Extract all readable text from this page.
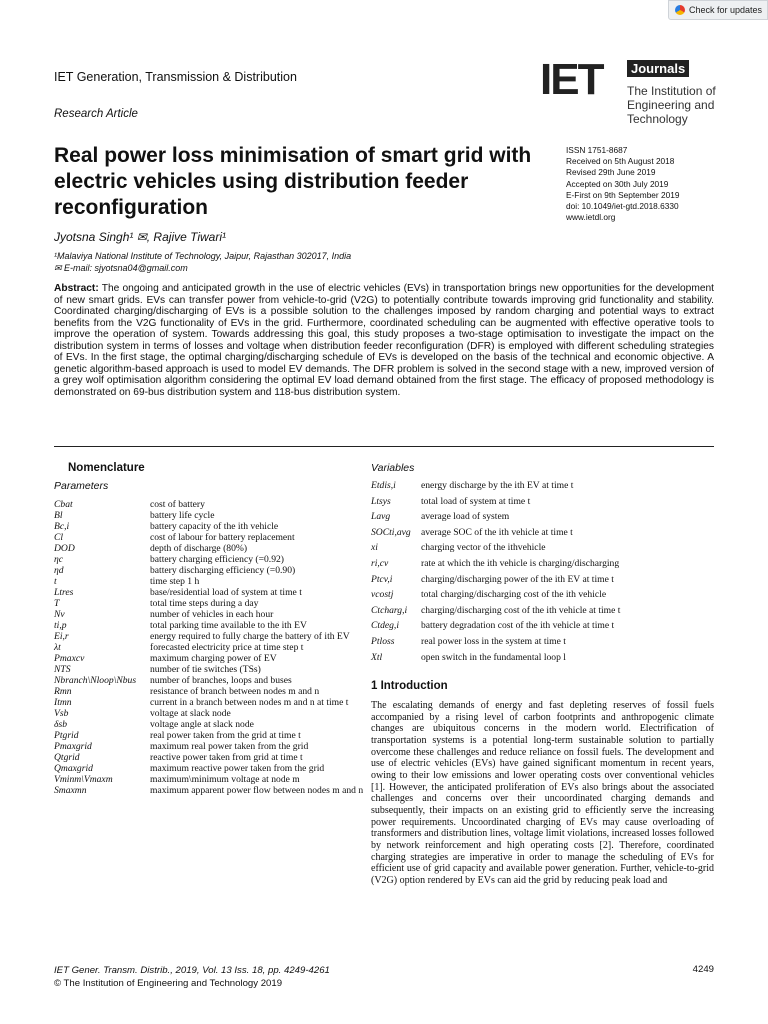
Check for updates
IET Generation, Transmission & Distribution
Research Article
IET	Journals
The Institution of
Engineering and Technology
Real power loss minimisation of smart grid with electric vehicles using distribution feeder reconfiguration
ISSN 1751-8687
Received on 5th August 2018
Revised 29th June 2019
Accepted on 30th July 2019
E-First on 9th September 2019
doi: 10.1049/iet-gtd.2018.6330
www.ietdl.org
Jyotsna Singh¹ ✉, Rajive Tiwari¹
¹Malaviya National Institute of Technology, Jaipur, Rajasthan 302017, India
✉ E-mail: sjyotsna04@gmail.com
Abstract: The ongoing and anticipated growth in the use of electric vehicles (EVs) in transportation brings new opportunities for the development of new smart grids. EVs can transfer power from vehicle-to-grid (V2G) to potentially contribute towards improving grid functionality and stability. Coordinated charging/discharging of EVs is a possible solution to the challenges imposed by random charging and potential ways to extract benefits from the V2G functionality of EVs in the grid. Furthermore, coordinated scheduling can be augmented with effective operative tools to improve the operation of system. Towards addressing this goal, this study proposes a two-stage optimisation to investigate the impact on the distribution system in terms of losses and voltage when distribution feeder reconfiguration (DFR) is employed with different scheduling strategies of EVs. In the first stage, the optimal charging/discharging schedule of EVs is developed on the basis of the technical and economic objective. A genetic algorithm-based approach is used to model EV demands. The DFR problem is solved in the second stage with a new, improved version of a grey wolf optimisation algorithm considering the optimal EV load demand obtained from the first stage. The efficacy of proposed methodology is demonstrated on 69-bus distribution system and 118-bus distribution system.
Nomenclature
Parameters
Cbat	cost of battery
Bl	battery life cycle
Bc,i	battery capacity of the ith vehicle
Cl	cost of labour for battery replacement
DOD	depth of discharge (80%)
ηc	battery charging efficiency (=0.92)
ηd	battery discharging efficiency (=0.90)
t	time step 1 h
Ltres	base/residential load of system at time t
T	total time steps during a day
Nv	number of vehicles in each hour
ti,p	total parking time available to the ith EV
Ei,r	energy required to fully charge the battery of ith EV
λt	forecasted electricity price at time step t
Pmaxcv	maximum charging power of EV
NTS	number of tie switches (TSs)
Nbranch\Nloop\Nbus	number of branches, loops and buses
Rmn	resistance of branch between nodes m and n
Itmn	current in a branch between nodes m and n at time t
Vsb	voltage at slack node
δsb	voltage angle at slack node
Ptgrid	real power taken from the grid at time t
Pmaxgrid	maximum real power taken from the grid
Qtgrid	reactive power taken from grid at time t
Qmaxgrid	maximum reactive power taken from the grid
Vminm\Vmaxm	maximum\minimum voltage at node m
Smaxmn	maximum apparent power flow between nodes m and n
Variables
Etdis,i	energy discharge by the ith EV at time t
Ltsys	total load of system at time t
Lavg	average load of system
SOCti,avg	average SOC of the ith vehicle at time t
xi	charging vector of the ithvehicle
ri,cv	rate at which the ith vehicle is charging/discharging
Ptcv,i	charging/discharging power of the ith EV at time t
vcostj	total charging/discharging cost of the ith vehicle
Ctcharg,i	charging/discharging cost of the ith vehicle at time t
Ctdeg,i	battery degradation cost of the ith vehicle at time t
Ptloss	real power loss in the system at time t
Xtl	open switch in the fundamental loop l
1 Introduction
The escalating demands of energy and fast depleting reserves of fossil fuels accompanied by a rising level of carbon footprints and anthropogenic climate changes are ubiquitous concerns in the modern world. Electrification of transportation systems is a potential long-term sustainable solution to partially overcome these challenges and reduce reliance on fossil fuels. The development and use of electric vehicles (EVs) have gained significant momentum in recent years, owing to their low emissions and lower operating costs over conventional vehicles [1]. However, the anticipated proliferation of EVs also brings about the associated challenges and concerns over their uncoordinated charging demands and subsequently, their impacts on an existing grid to efficiently serve the increasing power requirements. Uncoordinated charging of EVs may cause overloading of transformers and distribution lines, voltage limit violations, increased losses followed by network reinforcement and high operating costs [2]. Therefore, coordinated charging strategies are imperative in order to manage the scheduling of EVs for efficient use of grid capacity and available power generation. Further, vehicle-to-grid (V2G) option rendered by EVs can aid the grid by reducing peak load and
IET Gener. Transm. Distrib., 2019, Vol. 13 Iss. 18, pp. 4249-4261
© The Institution of Engineering and Technology 2019
4249
